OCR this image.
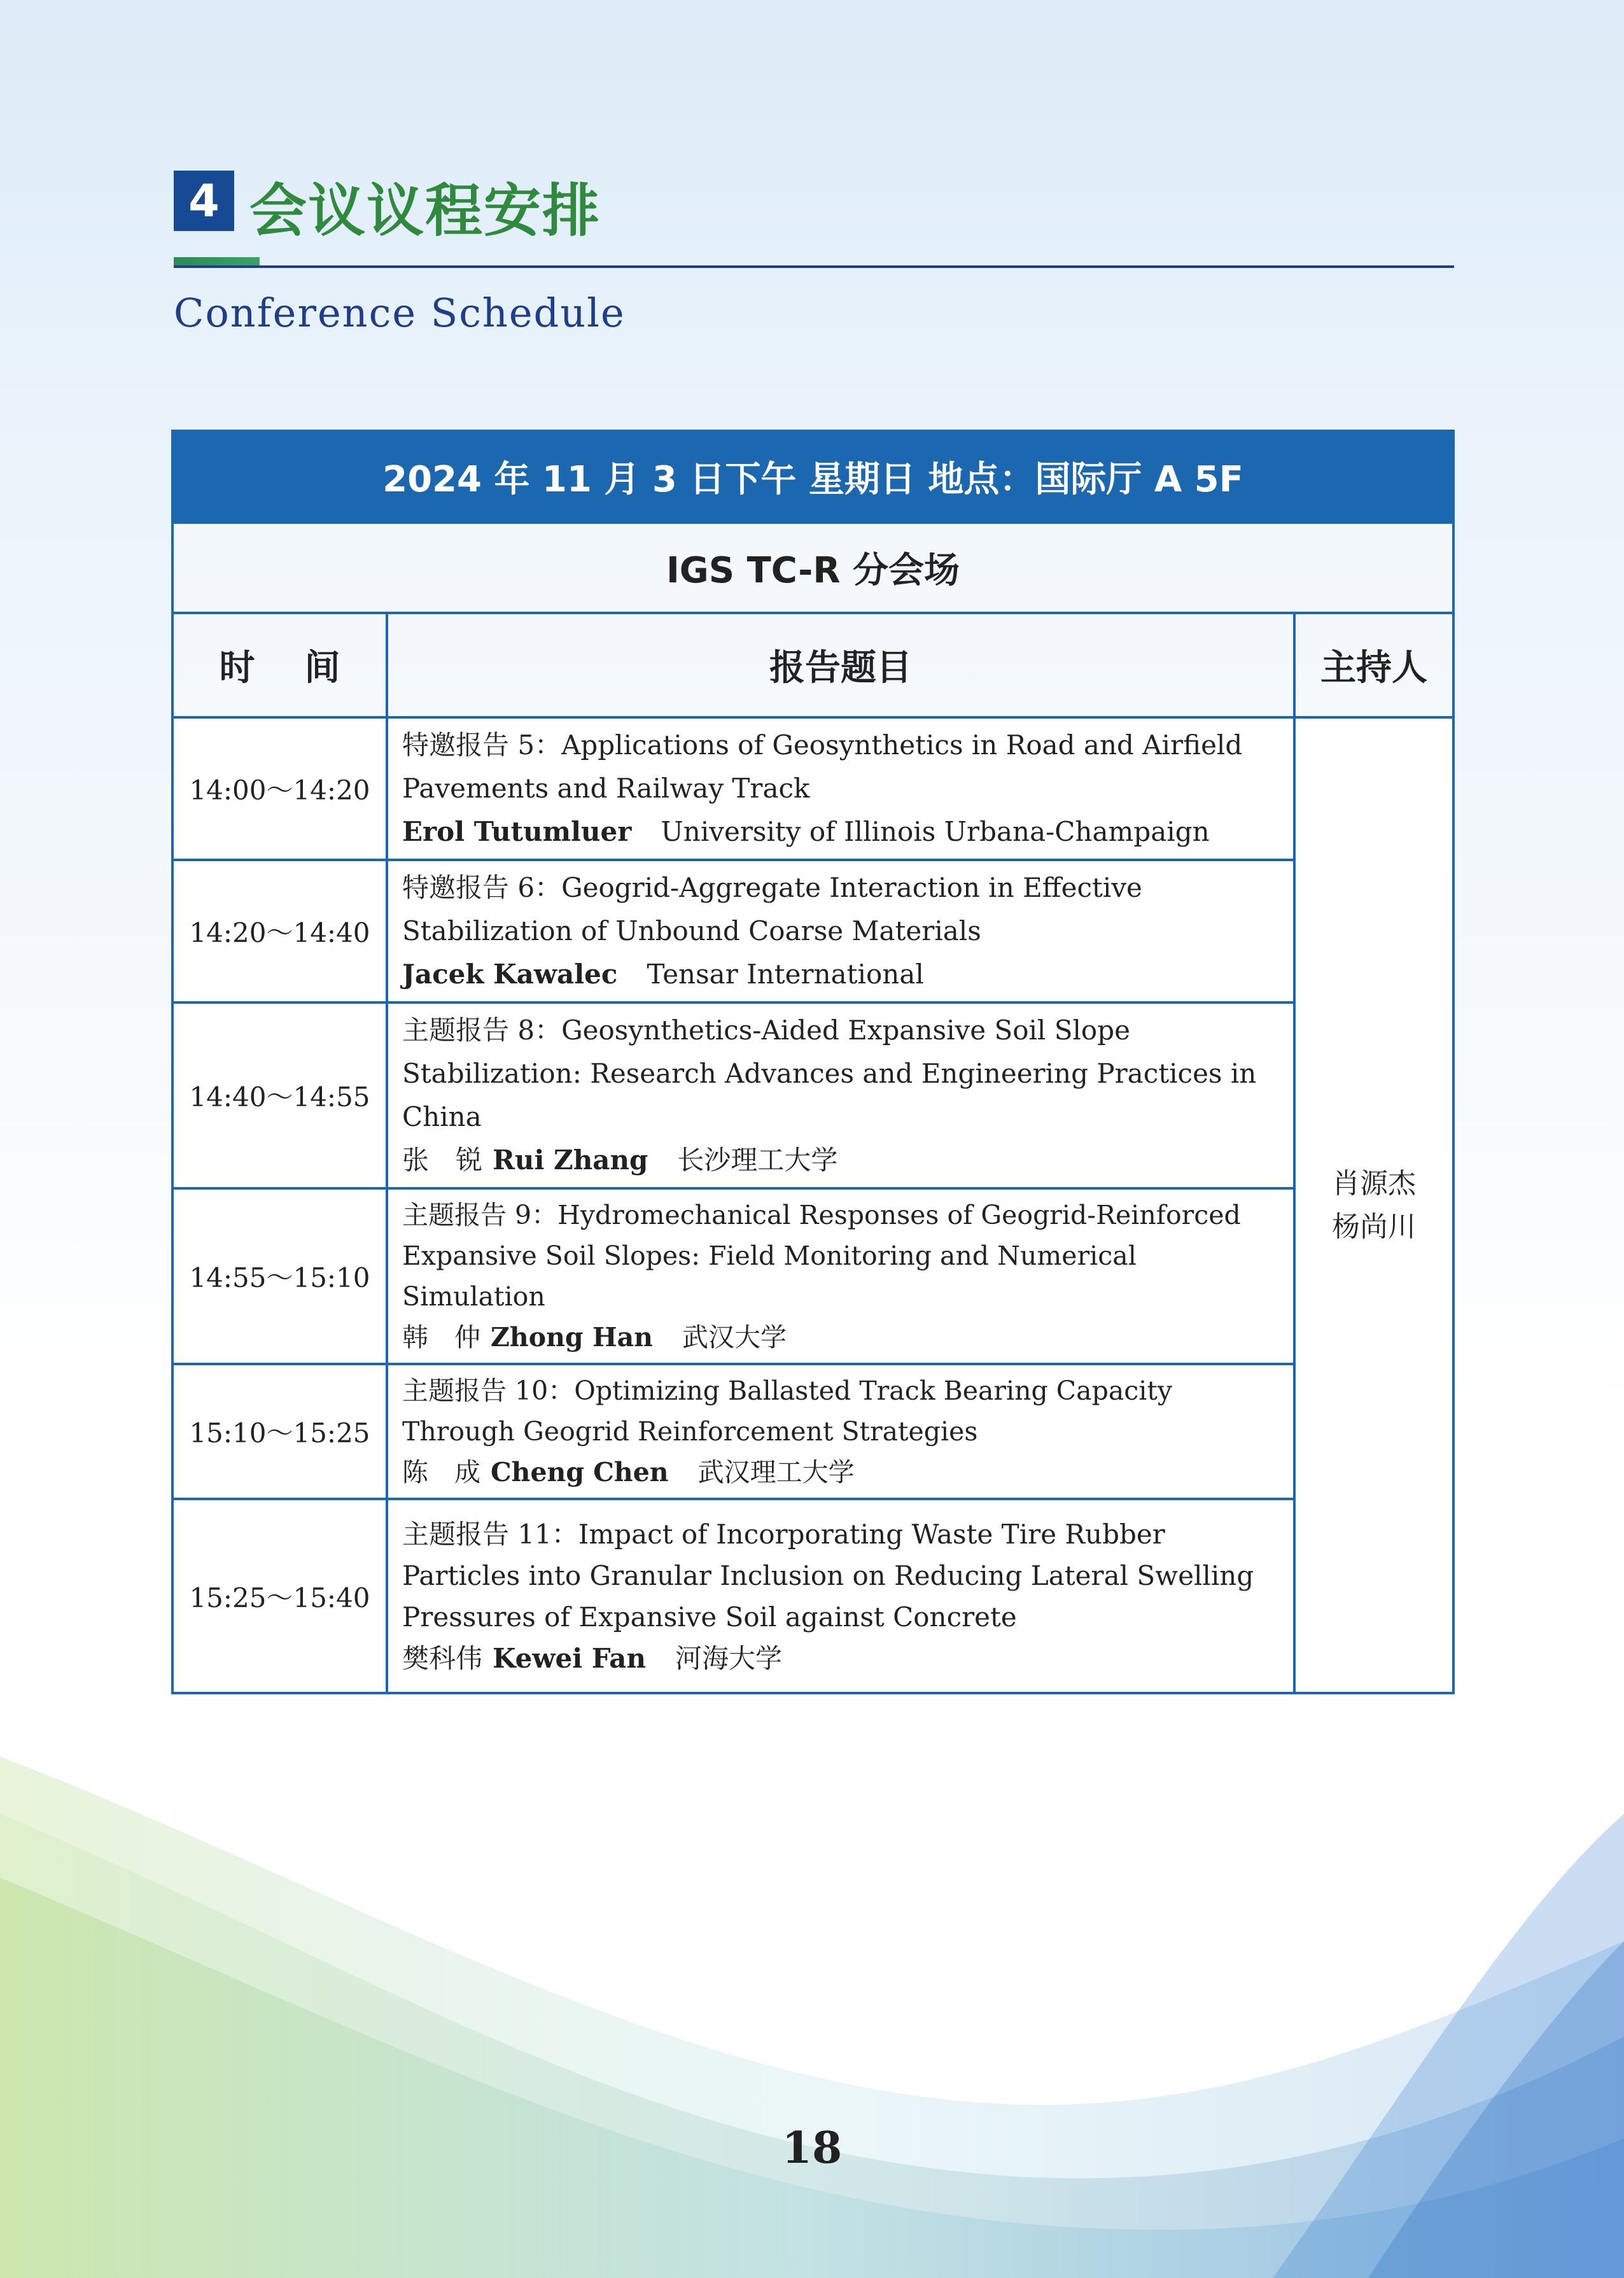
4 会议议程安排
Conference Schedule
2024 年 11 月 3 日下午 星期日 地点：国际厅 A 5F		
IGS TC-R 分会场		
时    间	报告题目	主持人
14:00～14:20	特邀报告 5：Applications of Geosynthetics in Road and Airfield Pavements and Railway Track
Erol Tutumluer University of Illinois Urbana-Champaign	肖源杰
杨尚川

14:20～14:40	特邀报告 6：Geogrid-Aggregate Interaction in Effective Stabilization of Unbound Coarse Materials
Jacek Kawalec Tensar International	

14:40～14:55	主题报告 8：Geosynthetics-Aided Expansive Soil Slope Stabilization: Research Advances and Engineering Practices in China
张　锐 Rui Zhang 长沙理工大学	

14:55～15:10	主题报告 9：Hydromechanical Responses of Geogrid-Reinforced Expansive Soil Slopes: Field Monitoring and Numerical Simulation
韩　仲 Zhong Han 武汉大学	

15:10～15:25	主题报告 10：Optimizing Ballasted Track Bearing Capacity Through Geogrid Reinforcement Strategies
陈　成 Cheng Chen 武汉理工大学	

15:25～15:40	主题报告 11：Impact of Incorporating Waste Tire Rubber Particles into Granular Inclusion on Reducing Lateral Swelling Pressures of Expansive Soil against Concrete
樊科伟 Kewei Fan 河海大学	
18
